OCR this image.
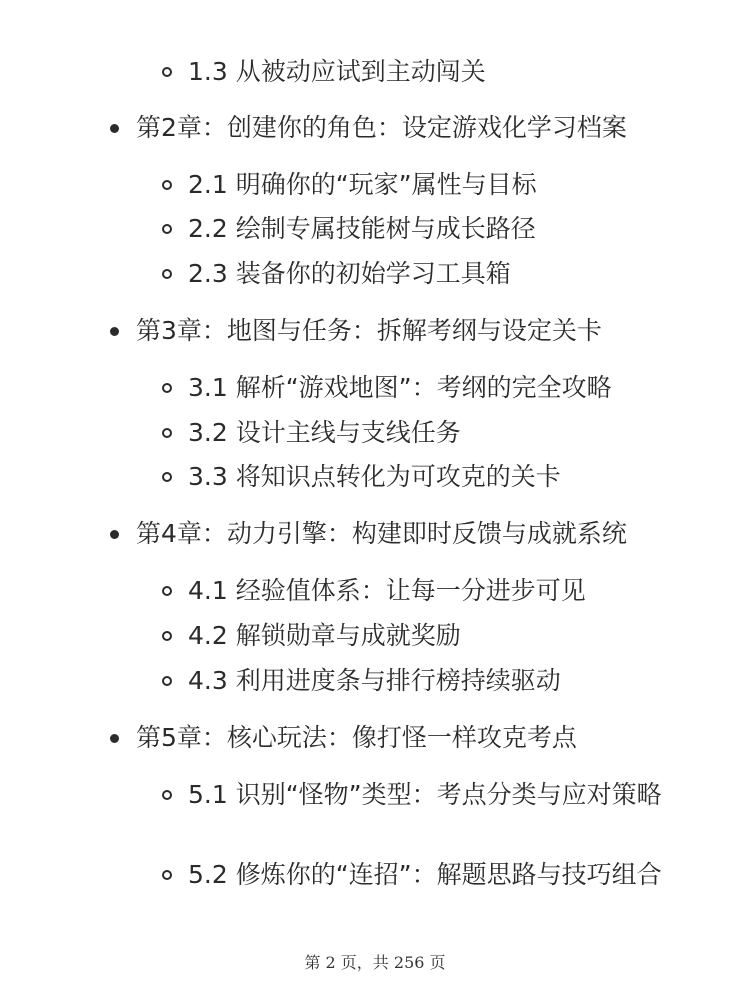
1.3 从被动应试到主动闯关
第2章：创建你的角色：设定游戏化学习档案
2.1 明确你的“玩家”属性与目标
2.2 绘制专属技能树与成长路径
2.3 装备你的初始学习工具箱
第3章：地图与任务：拆解考纲与设定关卡
3.1 解析“游戏地图”：考纲的完全攻略
3.2 设计主线与支线任务
3.3 将知识点转化为可攻克的关卡
第4章：动力引擎：构建即时反馈与成就系统
4.1 经验值体系：让每一分进步可见
4.2 解锁勋章与成就奖励
4.3 利用进度条与排行榜持续驱动
第5章：核心玩法：像打怪一样攻克考点
5.1 识别“怪物”类型：考点分类与应对策略
5.2 修炼你的“连招”：解题思路与技巧组合
第 2 页，共 256 页
